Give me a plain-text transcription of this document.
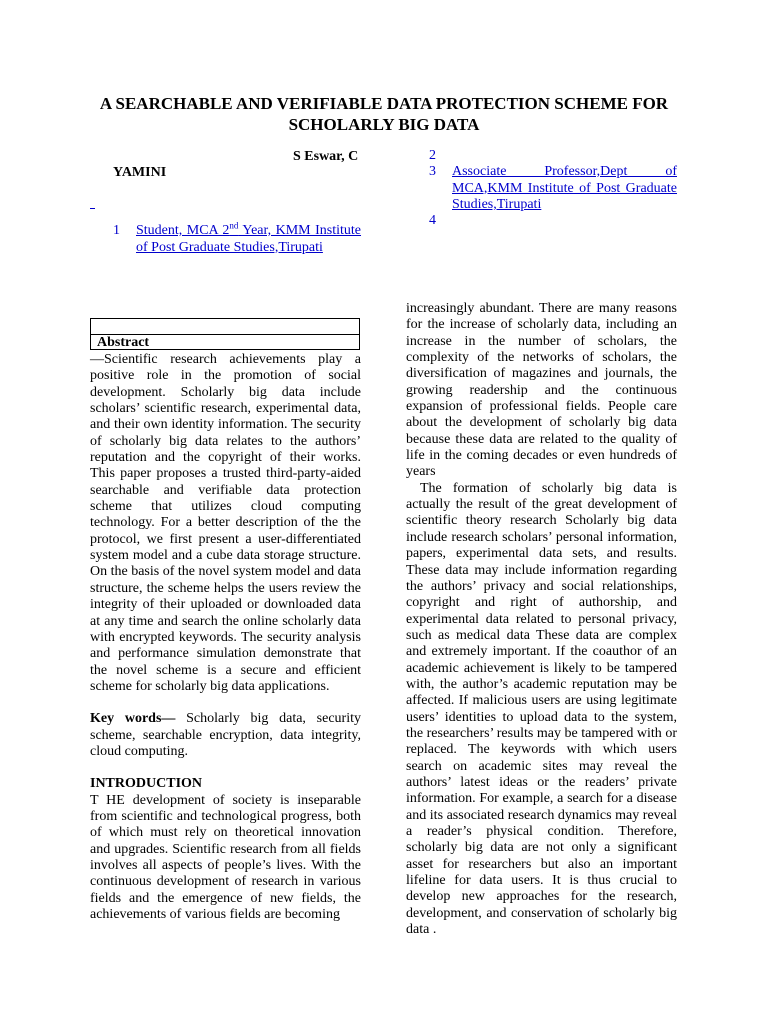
A SEARCHABLE AND VERIFIABLE DATA PROTECTION SCHEME FOR SCHOLARLY BIG DATA
S Eswar, C
YAMINI
1 Student, MCA 2nd Year, KMM Institute of Post Graduate Studies,Tirupati
2
3 Associate Professor,Dept of MCA,KMM Institute of Post Graduate Studies,Tirupati
4
Abstract

—Scientific research achievements play a positive role in the promotion of social development. Scholarly big data include scholars’ scientific research, experimental data, and their own identity information. The security of scholarly big data relates to the authors’ reputation and the copyright of their works. This paper proposes a trusted third-party-aided searchable and verifiable data protection scheme that utilizes cloud computing technology. For a better description of the the protocol, we first present a user-differentiated system model and a cube data storage structure. On the basis of the novel system model and data structure, the scheme helps the users review the integrity of their uploaded or downloaded data at any time and search the online scholarly data with encrypted keywords. The security analysis and performance simulation demonstrate that the novel scheme is a secure and efficient scheme for scholarly big data applications.

Key words— Scholarly big data, security scheme, searchable encryption, data integrity, cloud computing.

INTRODUCTION

T HE development of society is inseparable from scientific and technological progress, both of which must rely on theoretical innovation and upgrades. Scientific research from all fields involves all aspects of people’s lives. With the continuous development of research in various fields and the emergence of new fields, the achievements of various fields are becoming

increasingly abundant. There are many reasons for the increase of scholarly data, including an increase in the number of scholars, the complexity of the networks of scholars, the diversification of magazines and journals, the growing readership and the continuous expansion of professional fields. People care about the development of scholarly big data because these data are related to the quality of life in the coming decades or even hundreds of years

The formation of scholarly big data is actually the result of the great development of scientific theory research Scholarly big data include research scholars’ personal information, papers, experimental data sets, and results. These data may include information regarding the authors’ privacy and social relationships, copyright and right of authorship, and experimental data related to personal privacy, such as medical data These data are complex and extremely important. If the coauthor of an academic achievement is likely to be tampered with, the author’s academic reputation may be affected. If malicious users are using legitimate users’ identities to upload data to the system, the researchers’ results may be tampered with or replaced. The keywords with which users search on academic sites may reveal the authors’ latest ideas or the readers’ private information. For example, a search for a disease and its associated research dynamics may reveal a reader’s physical condition. Therefore, scholarly big data are not only a significant asset for researchers but also an important lifeline for data users. It is thus crucial to develop new approaches for the research, development, and conservation of scholarly big data .
